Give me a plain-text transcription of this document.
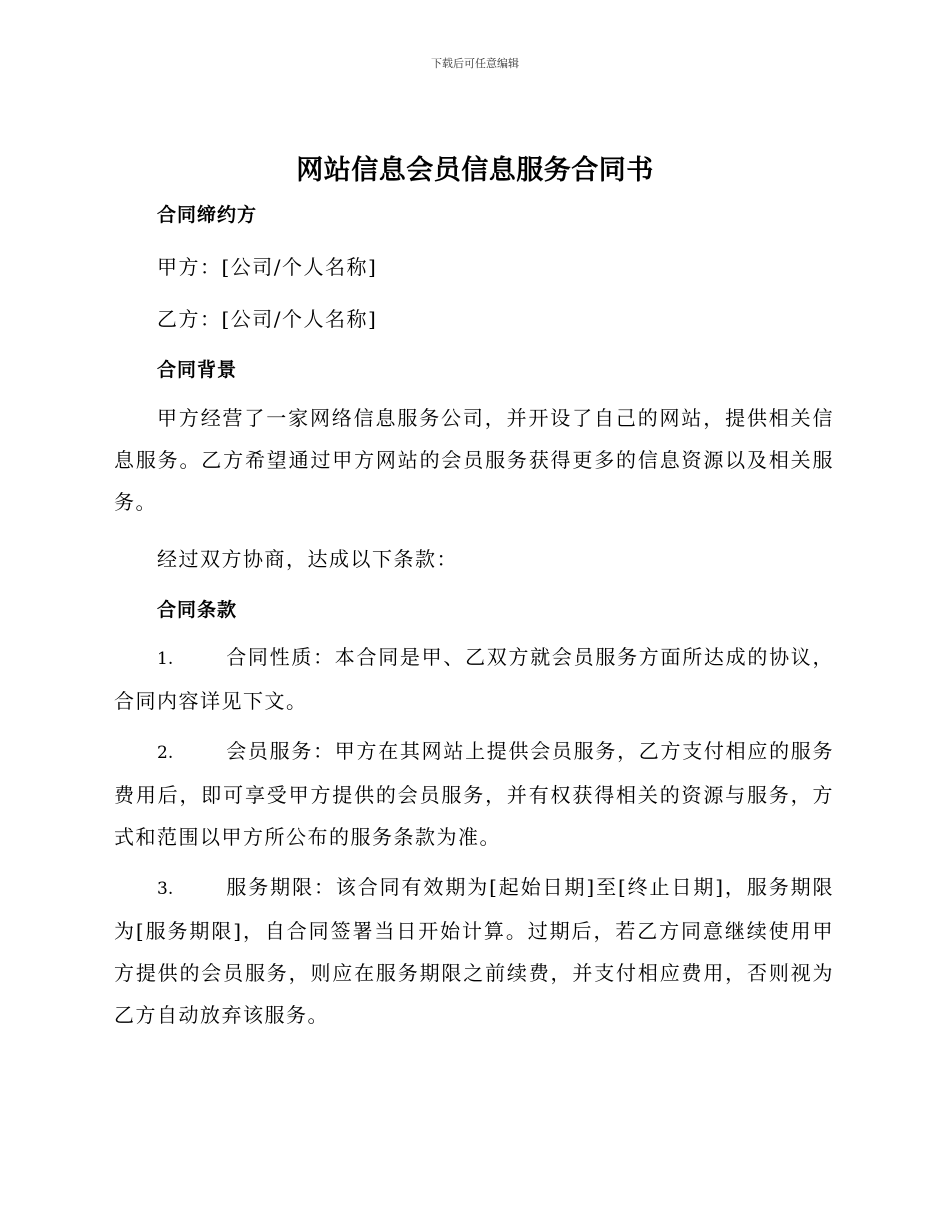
下载后可任意编辑
网站信息会员信息服务合同书
合同缔约方
甲方：[公司/个人名称]
乙方：[公司/个人名称]
合同背景
甲方经营了一家网络信息服务公司，并开设了自己的网站，提供相关信息服务。乙方希望通过甲方网站的会员服务获得更多的信息资源以及相关服务。
经过双方协商，达成以下条款：
合同条款
1.	合同性质：本合同是甲、乙双方就会员服务方面所达成的协议，合同内容详见下文。
2.	会员服务：甲方在其网站上提供会员服务，乙方支付相应的服务费用后，即可享受甲方提供的会员服务，并有权获得相关的资源与服务，方式和范围以甲方所公布的服务条款为准。
3.	服务期限：该合同有效期为[起始日期]至[终止日期]，服务期限为[服务期限]，自合同签署当日开始计算。过期后，若乙方同意继续使用甲方提供的会员服务，则应在服务期限之前续费，并支付相应费用，否则视为乙方自动放弃该服务。
